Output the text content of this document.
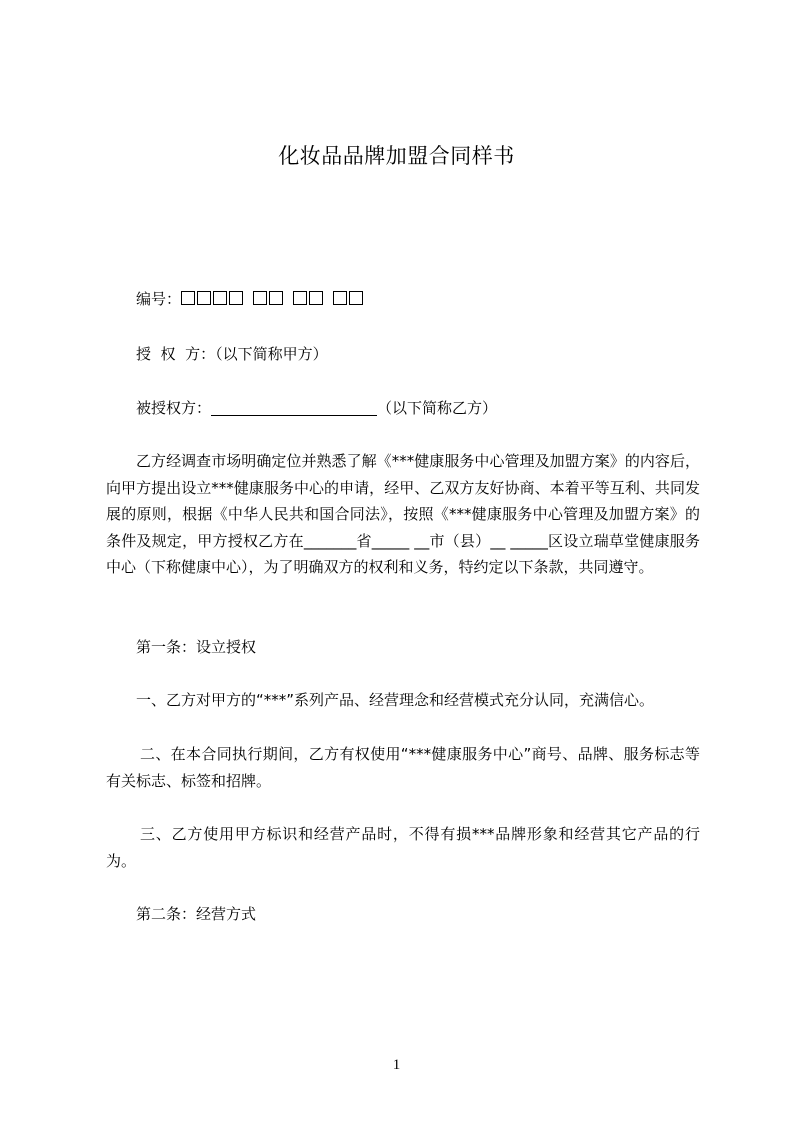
化妆品品牌加盟合同样书
编号：
授  权  方：（以下简称甲方）
被授权方：	（以下简称乙方）
乙方经调查市场明确定位并熟悉了解《***健康服务中心管理及加盟方案》的内容后，向甲方提出设立***健康服务中心的申请，经甲、乙双方友好协商、本着平等互利、共同发展的原则，根据《中华人民共和国合同法》，按照《***健康服务中心管理及加盟方案》的条件及规定，甲方授权乙方在_______省_____ __市（县）__ _____区设立瑞草堂健康服务中心（下称健康中心），为了明确双方的权利和义务，特约定以下条款，共同遵守。
第一条：设立授权
一、乙方对甲方的“***”系列产品、经营理念和经营模式充分认同，充满信心。
二、在本合同执行期间，乙方有权使用“***健康服务中心”商号、品牌、服务标志等有关标志、标签和招牌。
三、乙方使用甲方标识和经营产品时，不得有损***品牌形象和经营其它产品的行为。
第二条：经营方式
1
